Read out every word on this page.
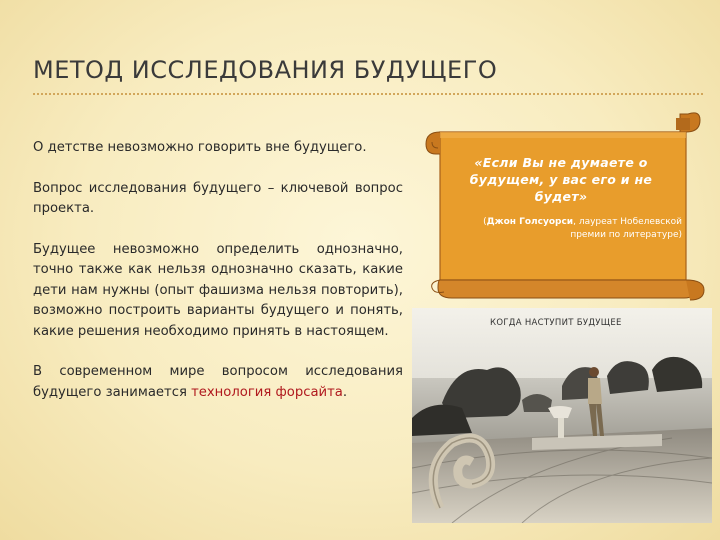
МЕТОД ИССЛЕДОВАНИЯ БУДУЩЕГО

О детстве невозможно говорить вне будущего.

Вопрос исследования будущего – ключевой вопрос проекта.

Будущее невозможно определить однозначно, точно также как нельзя однозначно сказать, какие дети нам нужны (опыт фашизма нельзя повторить), возможно построить варианты будущего и понять, какие решения необходимо принять в настоящем.

В современном мире вопросом исследования будущего занимается технология форсайта.

«Если Вы не думаете о будущем, у вас его и не будет»
(Джон Голсуорси, лауреат Нобелевской премии по литературе)
КОГДА НАСТУПИТ БУДУЩЕЕ
